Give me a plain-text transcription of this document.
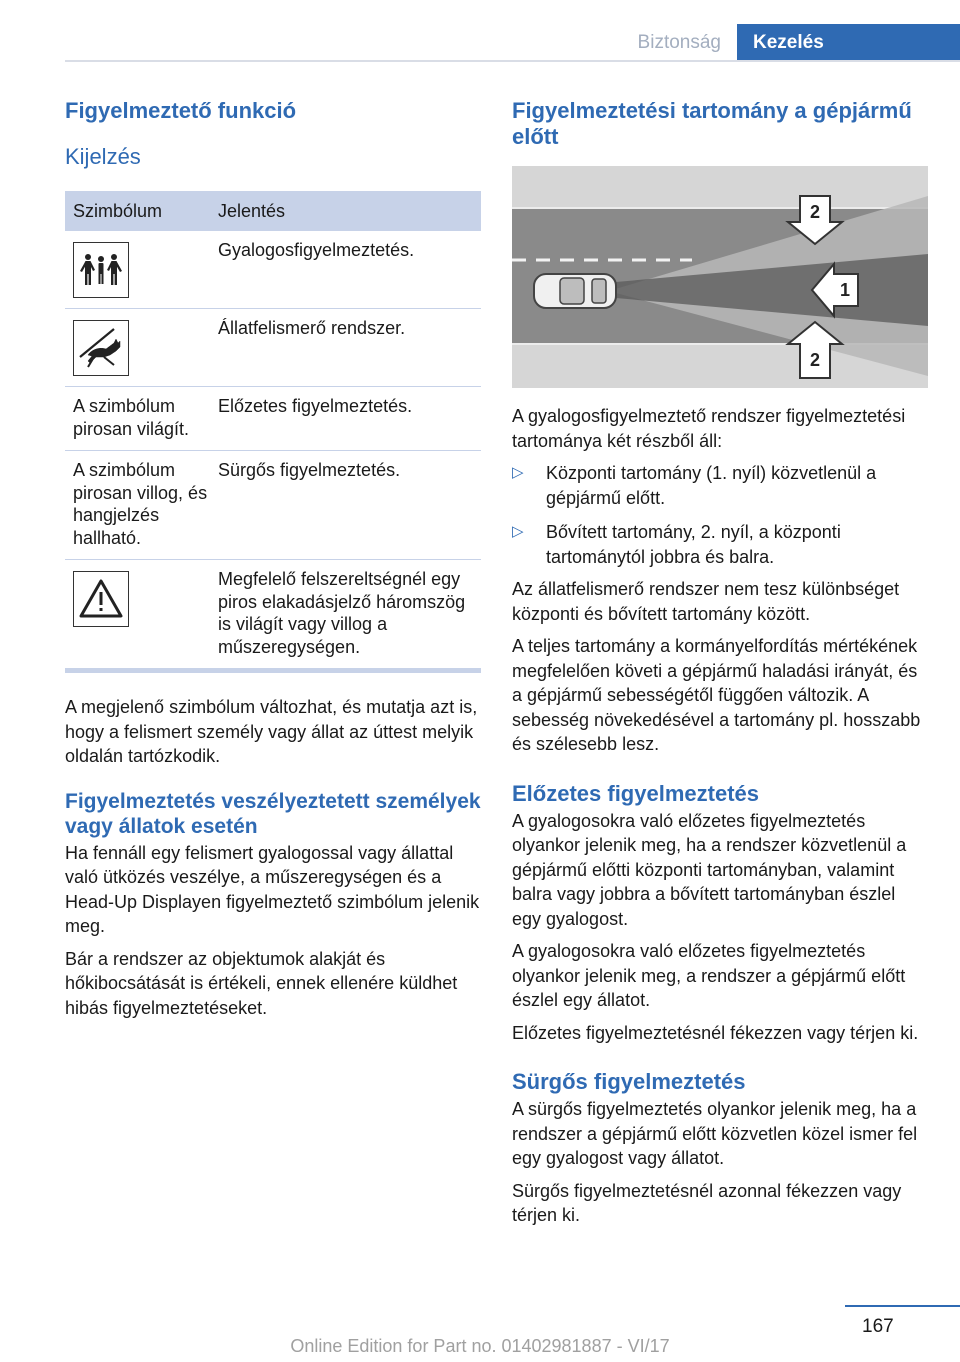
Biztonság	Kezelés
Figyelmeztető funkció
Kijelzés
Szimbólum	Jelentés

	Gyalogosfigyelmeztetés.

	Állatfelismerő rendszer.
A szimbólum pirosan világít.	Előzetes figyelmeztetés.
A szimbólum pirosan villog, és hangjelzés hallható.	Sürgős figyelmeztetés.

	Megfelelő felszereltségnél egy piros elakadásjelző háromszög is világít vagy villog a műszeregységen.

A megjelenő szimbólum változhat, és mutatja azt is, hogy a felismert személy vagy állat az úttest melyik oldalán tartózkodik.

Figyelmeztetés veszélyeztetett személyek vagy állatok esetén

Ha fennáll egy felismert gyalogossal vagy állattal való ütközés veszélye, a műszeregységen és a Head-Up Displayen figyelmeztető szimbólum jelenik meg.

Bár a rendszer az objektumok alakját és hőkibocsátását is értékeli, ennek ellenére küldhet hibás figyelmeztetéseket.

Figyelmeztetési tartomány a gépjármű előtt
2
1
2

A gyalogosfigyelmeztető rendszer figyelmeztetési tartománya két részből áll:

▷ Központi tartomány (1. nyíl) közvetlenül a gépjármű előtt.
▷ Bővített tartomány, 2. nyíl, a központi tartománytól jobbra és balra.

Az állatfelismerő rendszer nem tesz különbséget központi és bővített tartomány között.

A teljes tartomány a kormányelfordítás mértékének megfelelően követi a gépjármű haladási irányát, és a gépjármű sebességétől függően változik. A sebesség növekedésével a tartomány pl. hosszabb és szélesebb lesz.

Előzetes figyelmeztetés

A gyalogosokra való előzetes figyelmeztetés olyankor jelenik meg, ha a rendszer közvetlenül a gépjármű előtti központi tartományban, valamint balra vagy jobbra a bővített tartományban észlel egy gyalogost.

A gyalogosokra való előzetes figyelmeztetés olyankor jelenik meg, a rendszer a gépjármű előtt észlel egy állatot.

Előzetes figyelmeztetésnél fékezzen vagy térjen ki.

Sürgős figyelmeztetés

A sürgős figyelmeztetés olyankor jelenik meg, ha a rendszer a gépjármű előtt közvetlen közel ismer fel egy gyalogost vagy állatot.

Sürgős figyelmeztetésnél azonnal fékezzen vagy térjen ki.

167
Online Edition for Part no. 01402981887 - VI/17
